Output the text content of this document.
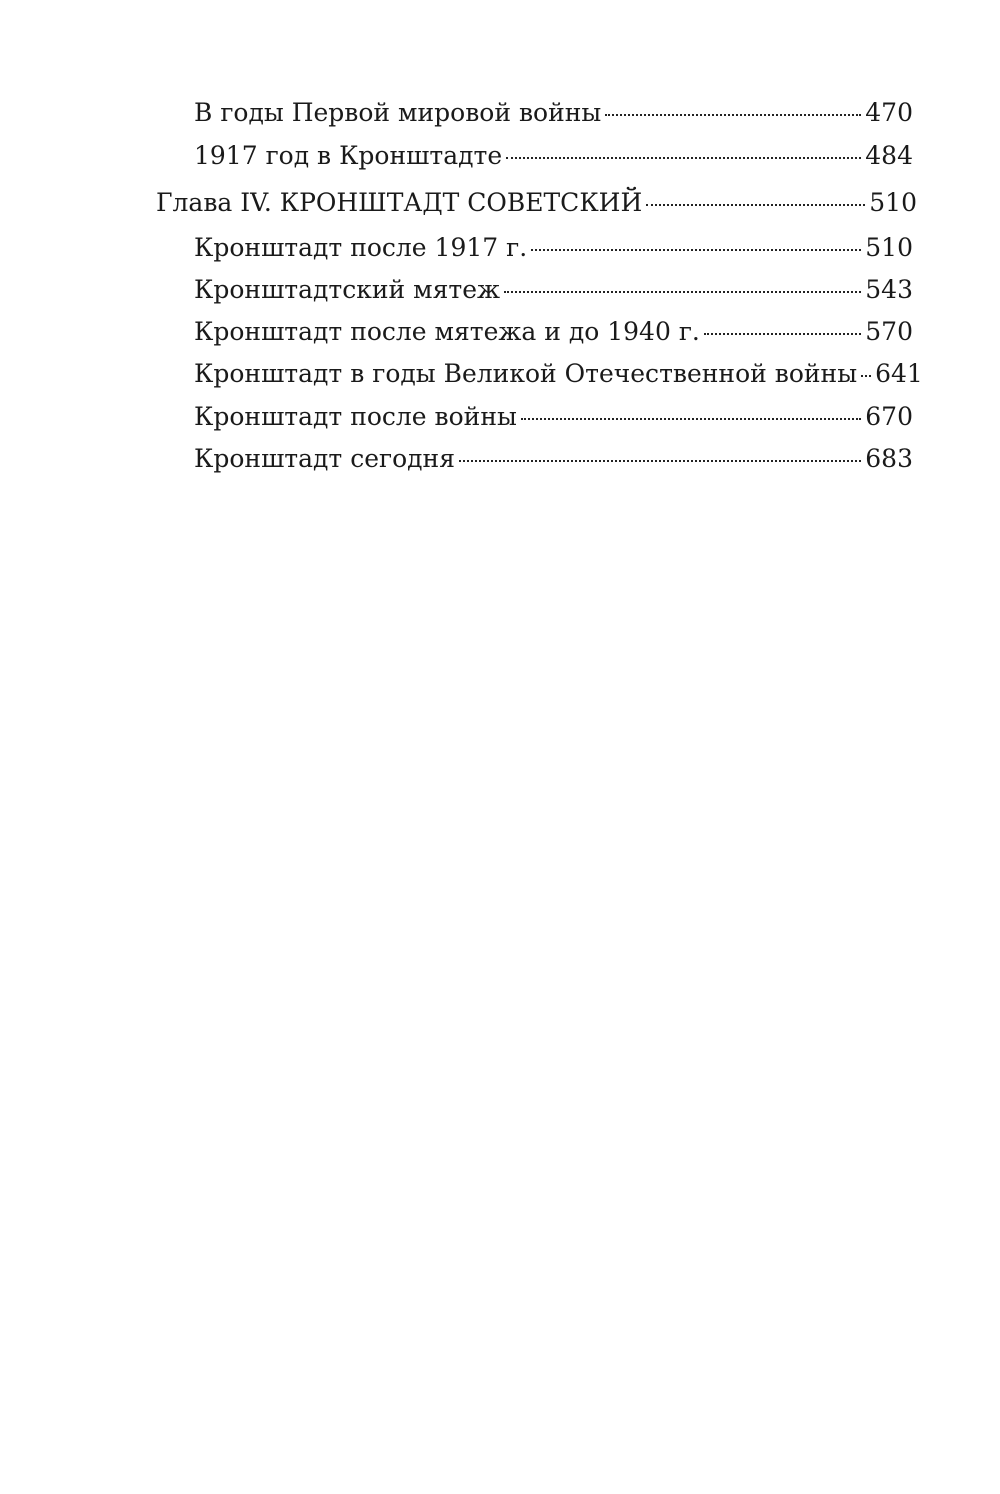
В годы Первой мировой войны	470
1917 год в Кронштадте	484
Глава IV. КРОНШТАДТ СОВЕТСКИЙ	510
Кронштадт после 1917 г.	510
Кронштадтский мятеж	543
Кронштадт после мятежа и до 1940 г.	570
Кронштадт в годы Великой Отечественной войны 641
Кронштадт после войны	670
Кронштадт сегодня	683
